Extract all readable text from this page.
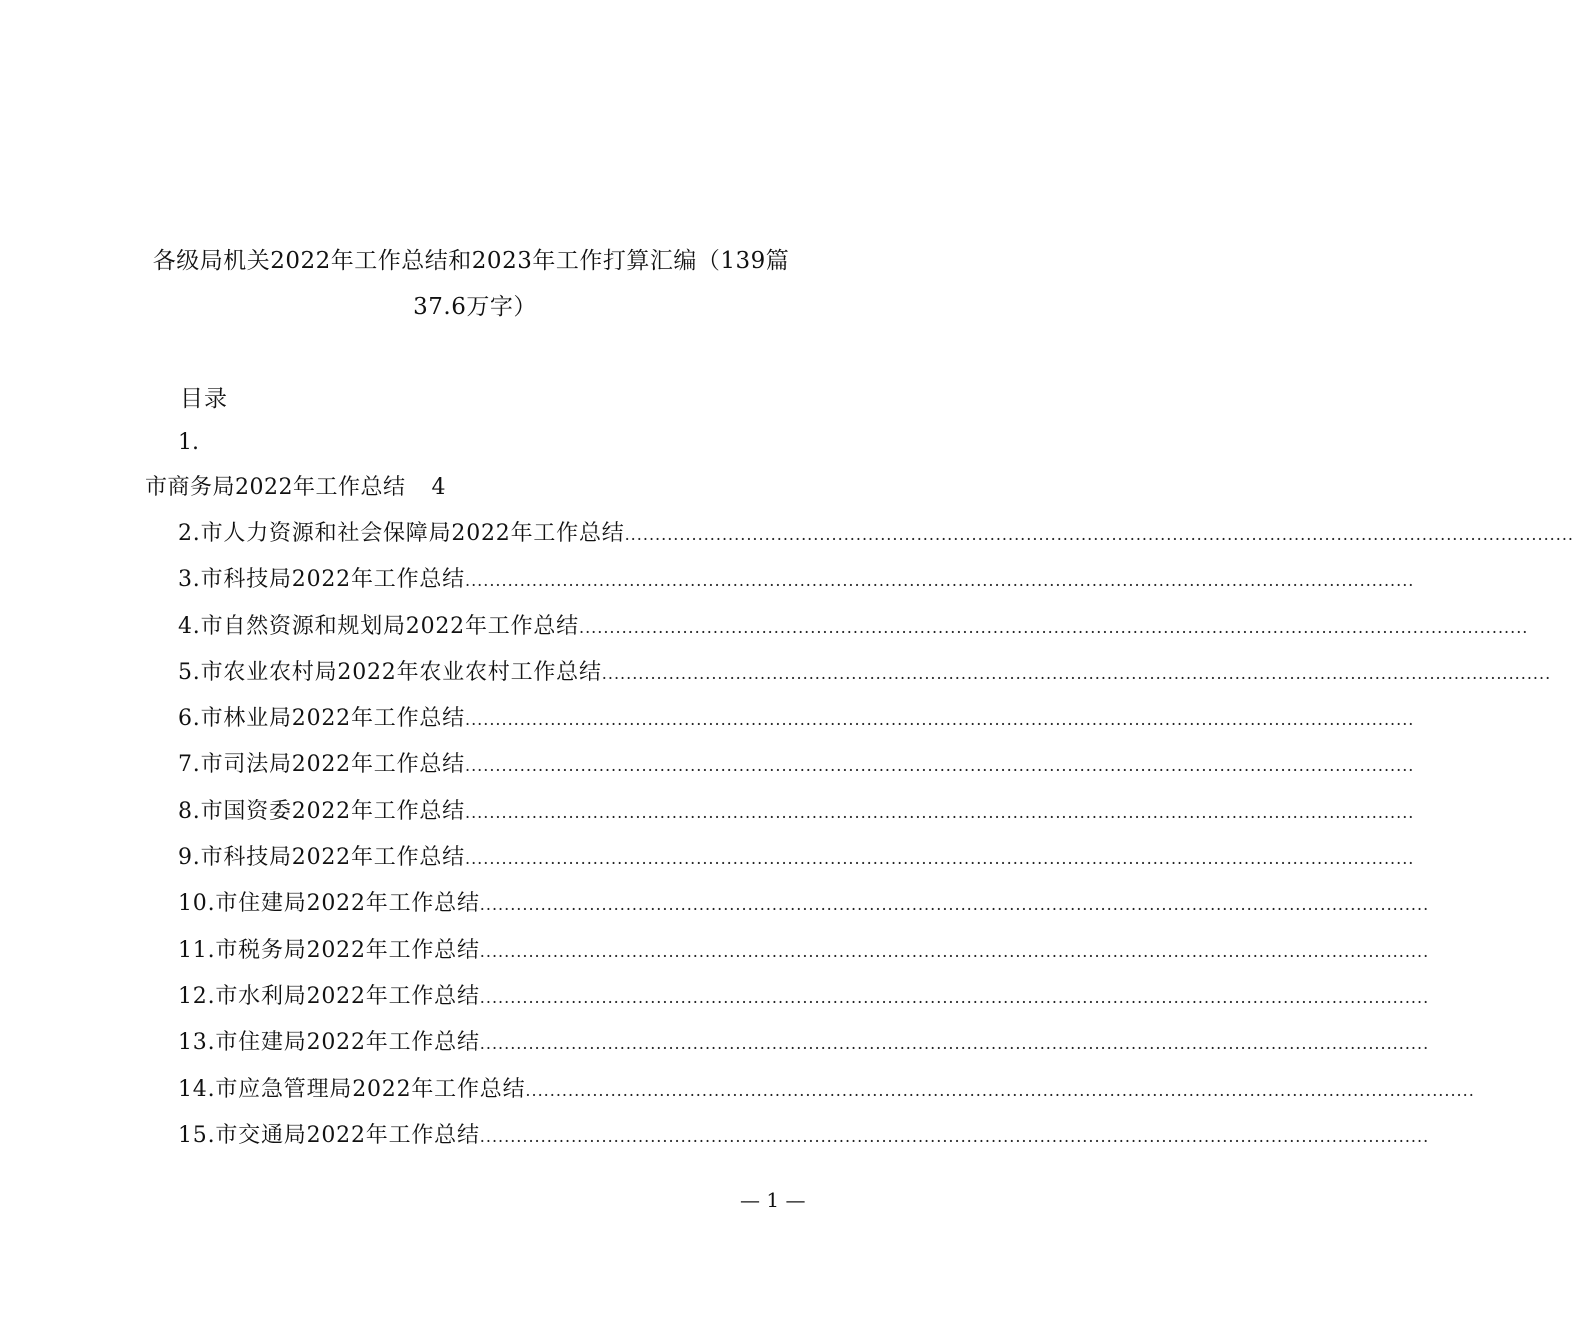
各级局机关2022年工作总结和2023年工作打算汇编（139篇
37.6万字）
目录
1.
市商务局2022年工作总结 4
2.市人力资源和社会保障局2022年工作总结 ............................................................................................................................................................
3.市科技局2022年工作总结 ............................................................................................................................................................
4.市自然资源和规划局2022年工作总结 ............................................................................................................................................................
5.市农业农村局2022年农业农村工作总结 ............................................................................................................................................................
6.市林业局2022年工作总结 ............................................................................................................................................................
7.市司法局2022年工作总结 ............................................................................................................................................................
8.市国资委2022年工作总结 ............................................................................................................................................................
9.市科技局2022年工作总结 ............................................................................................................................................................
10.市住建局2022年工作总结 ............................................................................................................................................................
11.市税务局2022年工作总结 ............................................................................................................................................................
12.市水利局2022年工作总结 ............................................................................................................................................................
13.市住建局2022年工作总结 ............................................................................................................................................................
14.市应急管理局2022年工作总结 ............................................................................................................................................................
15.市交通局2022年工作总结 ............................................................................................................................................................
— 1 —
